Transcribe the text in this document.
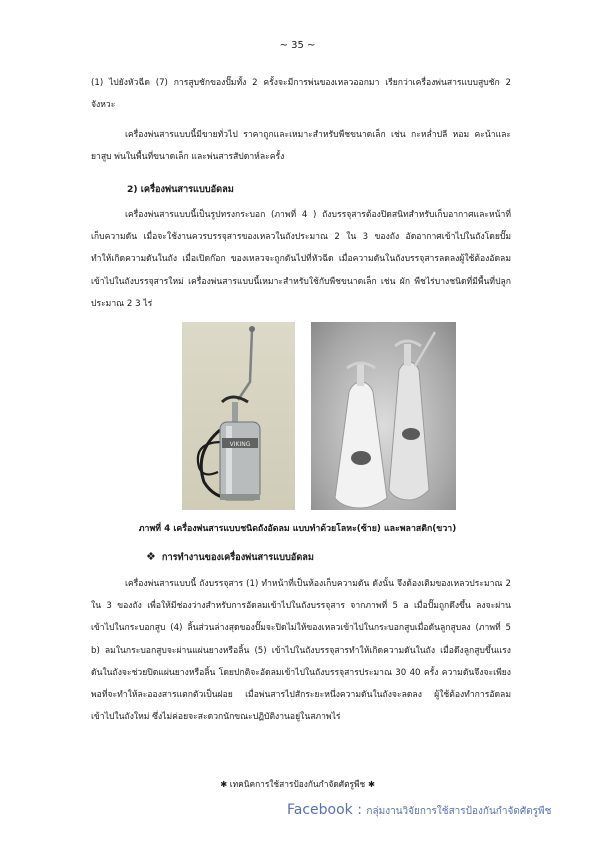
~ 35 ~

(1) ไปยังหัวฉีด (7) การสูบชักของปั๊มทั้ง 2 ครั้งจะมีการพ่นของเหลวออกมา เรียกว่าเครื่องพ่นสารแบบสูบชัก 2 จังหวะ

เครื่องพ่นสารแบบนี้มีขายทั่วไป ราคาถูกและเหมาะสำหรับพืชขนาดเล็ก เช่น กะหล่ำปลี หอม คะน้าและยาสูบ พ่นในพื้นที่ขนาดเล็ก และพ่นสารสัปดาห์ละครั้ง

2) เครื่องพ่นสารแบบอัดลม

เครื่องพ่นสารแบบนี้เป็นรูปทรงกระบอก (ภาพที่ 4 ) ถังบรรจุสารต้องปิดสนิทสำหรับเก็บอากาศและหน้าที่เก็บความดัน เมื่อจะใช้งานควรบรรจุสารของเหลวในถังประมาณ 2 ใน 3 ของถัง อัดอากาศเข้าไปในถังโดยปั๊ม ทำให้เกิดความดันในถัง เมื่อเปิดก๊อก ของเหลวจะถูกดันไปที่หัวฉีด เมื่อความดันในถังบรรจุสารลดลงผู้ใช้ต้องอัดลมเข้าไปในถังบรรจุสารใหม่ เครื่องพ่นสารแบบนี้เหมาะสำหรับใช้กับพืชขนาดเล็ก เช่น ผัก พืชไร่บางชนิดที่มีพื้นที่ปลูกประมาณ 2 3 ไร่

VIKING
ภาพที่ 4 เครื่องพ่นสารแบบชนิดถังอัดลม แบบทำด้วยโลหะ(ซ้าย) และพลาสติก(ขวา)
❖ การทำงานของเครื่องพ่นสารแบบอัดลม

เครื่องพ่นสารแบบนี้ ถังบรรจุสาร (1) ทำหน้าที่เป็นห้องเก็บความดัน ดังนั้น จึงต้องเติมของเหลวประมาณ 2 ใน 3 ของถัง เพื่อให้มีช่องว่างสำหรับการอัดลมเข้าไปในถังบรรจุสาร จากภาพที่ 5 a เมื่อปั๊มถูกดึงขึ้น ลงจะผ่านเข้าไปในกระบอกสูบ (4) ลิ้นส่วนล่างสุดของปั๊มจะปิดไม่ให้ของเหลวเข้าไปในกระบอกสูบเมื่อดันลูกสูบลง (ภาพที่ 5 b) ลมในกระบอกสูบจะผ่านแผ่นยางหรือลิ้น (5) เข้าไปในถังบรรจุสารทำให้เกิดความดันในถัง เมื่อดึงลูกสูบขึ้นแรงดันในถังจะช่วยปิดแผ่นยางหรือลิ้น โดยปกติจะอัดลมเข้าไปในถังบรรจุสารประมาณ 30 40 ครั้ง ความดันจึงจะเพียงพอที่จะทำให้ละอองสารแตกตัวเป็นฝอย เมื่อพ่นสารไปสักระยะหนึ่งความดันในถังจะลดลง ผู้ใช้ต้องทำการอัดลมเข้าไปในถังใหม่ ซึ่งไม่ค่อยจะสะดวกนักขณะปฏิบัติงานอยู่ในสภาพไร่

✱ เทคนิคการใช้สารป้องกันกำจัดศัตรูพืช ✱
Facebook : กลุ่มงานวิจัยการใช้สารป้องกันกำจัดศัตรูพืช
